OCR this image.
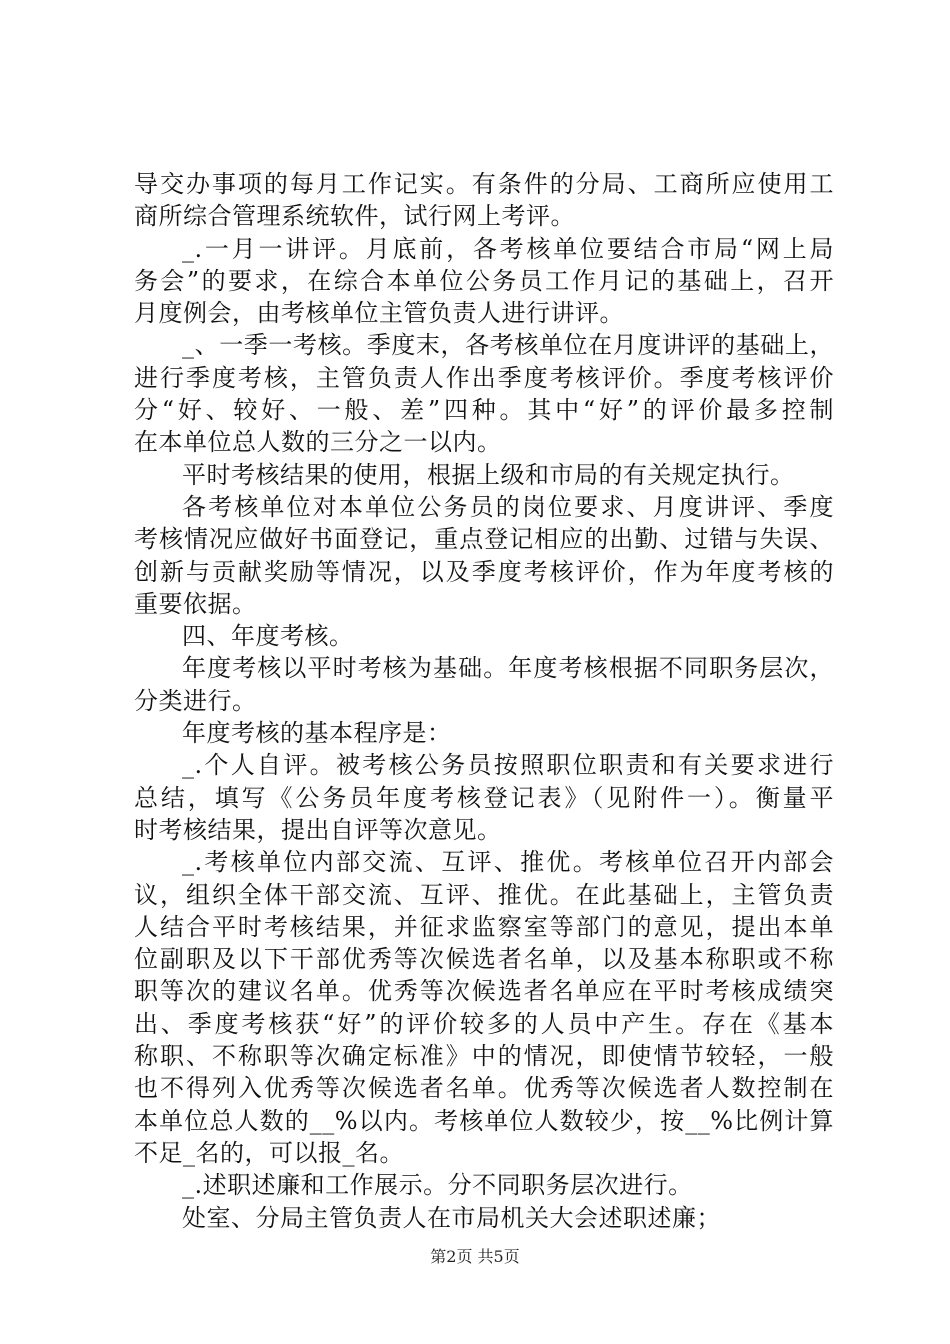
导交办事项的每月工作记实。有条件的分局、工商所应使用工
商所综合管理系统软件，试行网上考评。
_.一月一讲评。月底前，各考核单位要结合市局“网上局
务会”的要求，在综合本单位公务员工作月记的基础上，召开
月度例会，由考核单位主管负责人进行讲评。
_、一季一考核。季度末，各考核单位在月度讲评的基础上，
进行季度考核，主管负责人作出季度考核评价。季度考核评价
分“好、较好、一般、差”四种。其中“好”的评价最多控制
在本单位总人数的三分之一以内。
平时考核结果的使用，根据上级和市局的有关规定执行。
各考核单位对本单位公务员的岗位要求、月度讲评、季度
考核情况应做好书面登记，重点登记相应的出勤、过错与失误、
创新与贡献奖励等情况，以及季度考核评价，作为年度考核的
重要依据。
四、年度考核。
年度考核以平时考核为基础。年度考核根据不同职务层次，
分类进行。
年度考核的基本程序是：
_.个人自评。被考核公务员按照职位职责和有关要求进行
总结，填写《公务员年度考核登记表》（见附件一）。衡量平
时考核结果，提出自评等次意见。
_.考核单位内部交流、互评、推优。考核单位召开内部会
议，组织全体干部交流、互评、推优。在此基础上，主管负责
人结合平时考核结果，并征求监察室等部门的意见，提出本单
位副职及以下干部优秀等次候选者名单，以及基本称职或不称
职等次的建议名单。优秀等次候选者名单应在平时考核成绩突
出、季度考核获“好”的评价较多的人员中产生。存在《基本
称职、不称职等次确定标准》中的情况，即使情节较轻，一般
也不得列入优秀等次候选者名单。优秀等次候选者人数控制在
本单位总人数的__%以内。考核单位人数较少，按__%比例计算
不足_名的，可以报_名。
_.述职述廉和工作展示。分不同职务层次进行。
处室、分局主管负责人在市局机关大会述职述廉；
第2页 共5页
